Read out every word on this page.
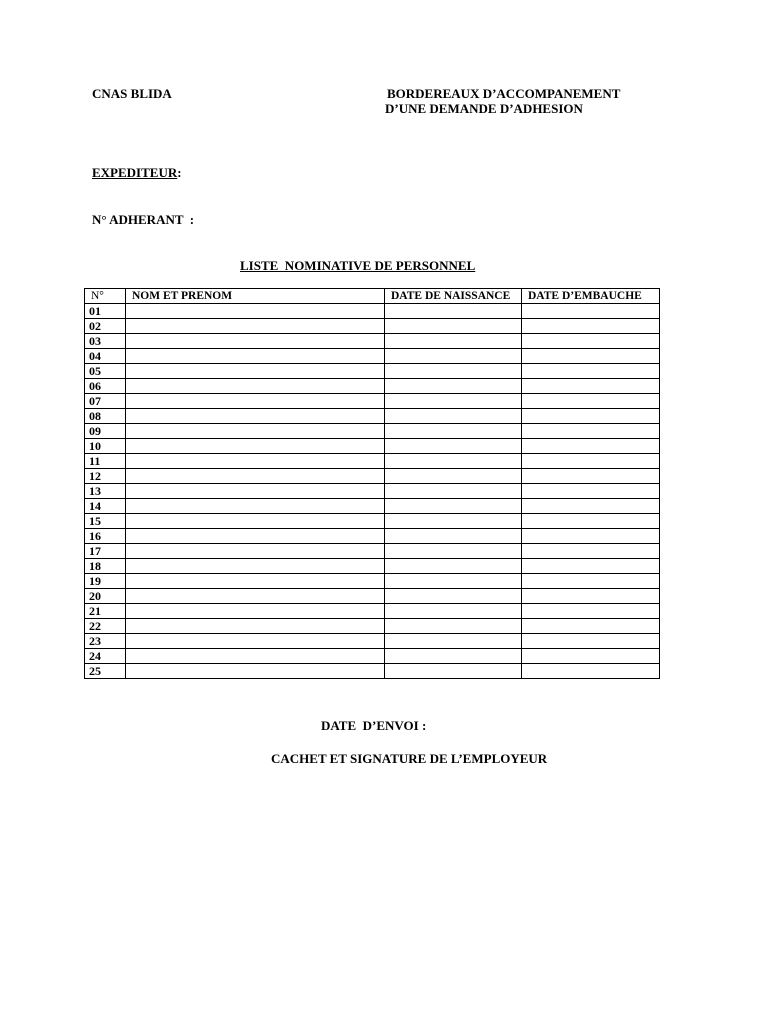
CNAS BLIDA	BORDEREAUX D’ACCOMPANEMENT
D’UNE DEMANDE D’ADHESION
EXPEDITEUR:
N° ADHERANT  :
LISTE  NOMINATIVE DE PERSONNEL
N°	NOM ET PRENOM	DATE DE NAISSANCE	DATE D’EMBAUCHE
01			
02			
03			
04			
05			
06			
07			
08			
09			
10			
11			
12			
13			
14			
15			
16			
17			
18			
19			
20			
21			
22			
23			
24			
25			
DATE  D’ENVOI :
CACHET ET SIGNATURE DE L’EMPLOYEUR
